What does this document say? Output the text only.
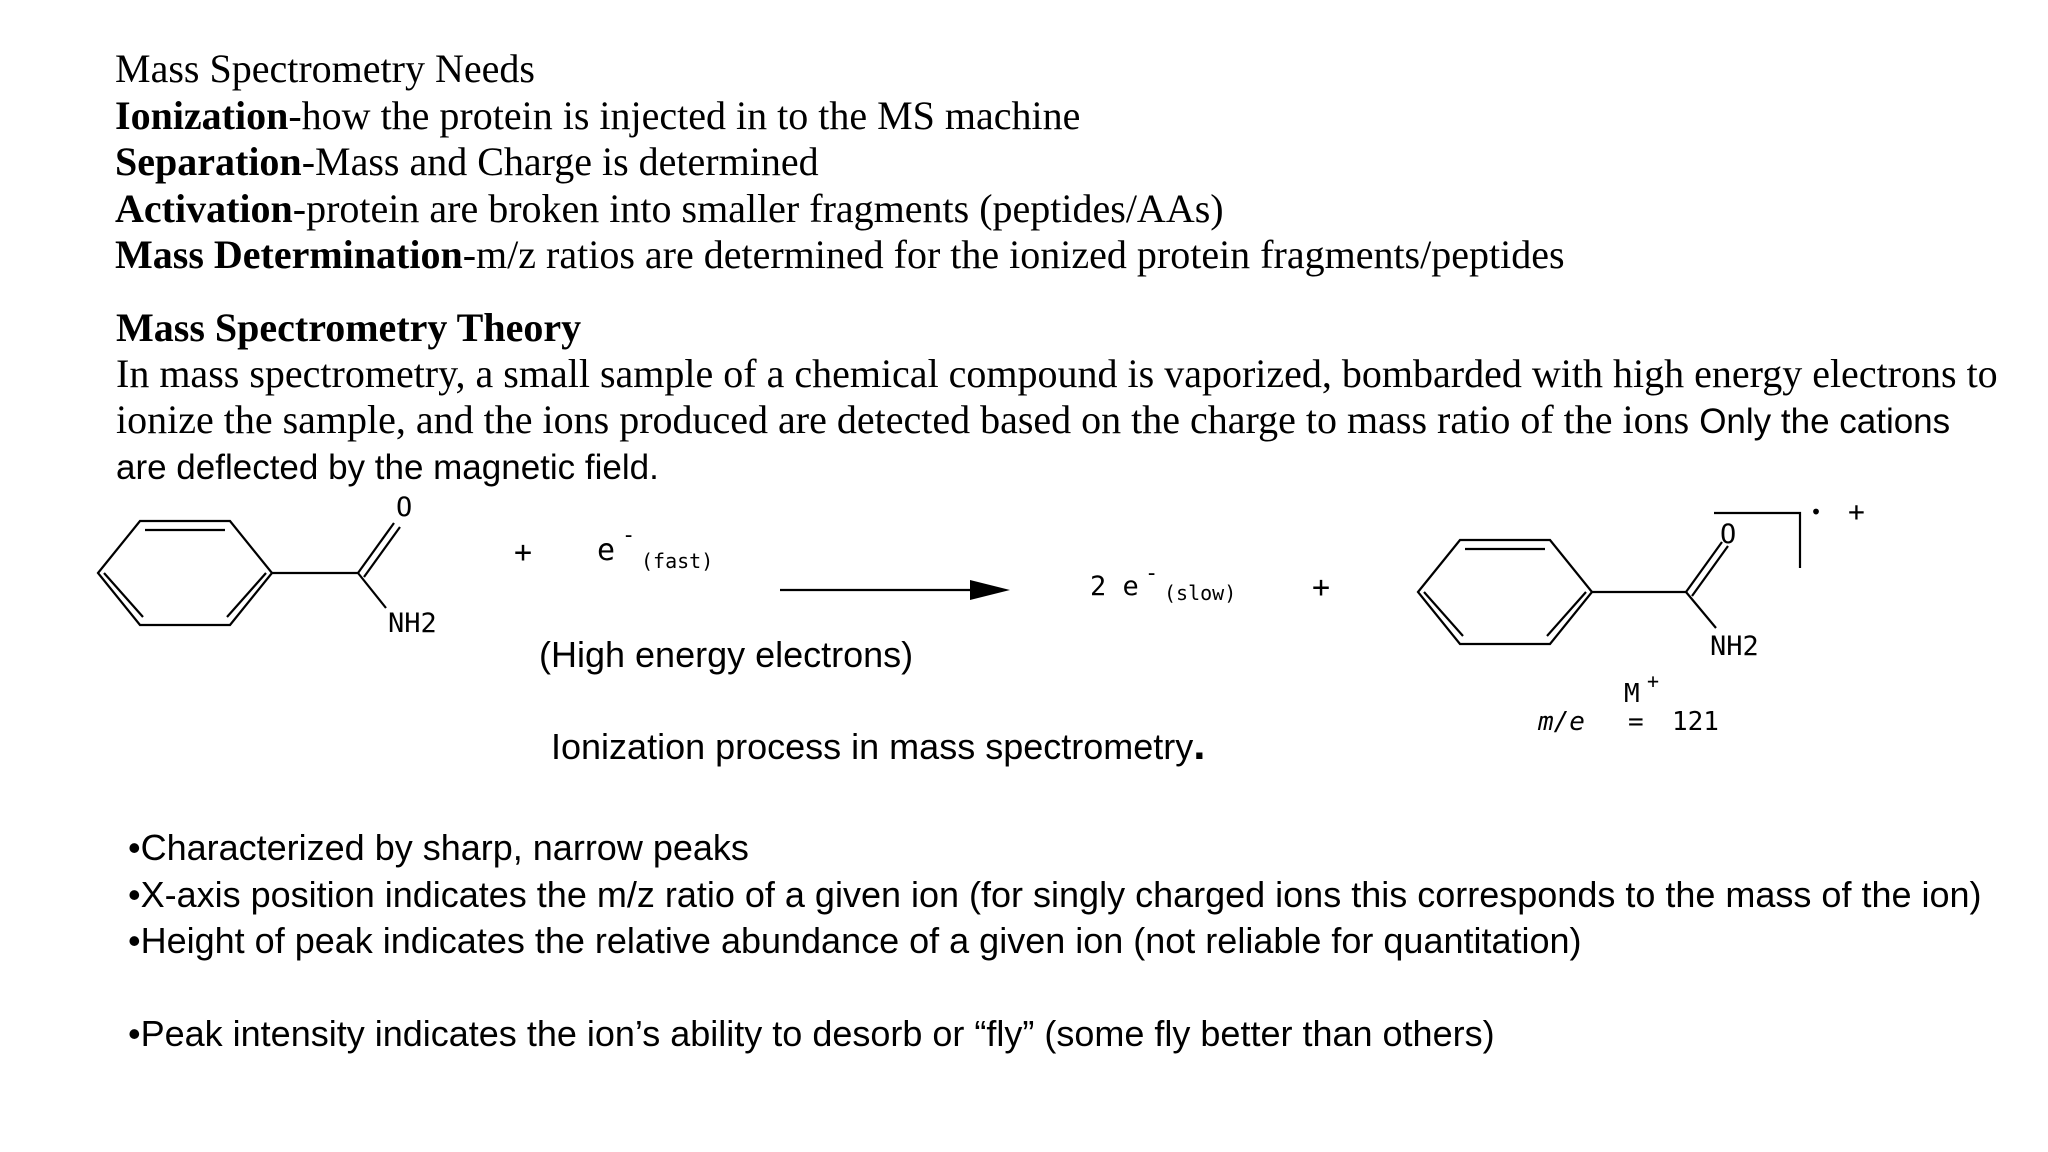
Mass Spectrometry Needs
Ionization-how the protein is injected in to the MS machine
Separation-Mass and Charge is determined
Activation-protein are broken into smaller fragments (peptides/AAs)
Mass Determination-m/z ratios are determined for the ionized protein fragments/peptides
Mass Spectrometry Theory
In mass spectrometry, a small sample of a chemical compound is vaporized, bombarded with high energy electrons to
ionize the sample, and the ions produced are detected based on the charge to mass ratio of the ions Only the cations
are deflected by the magnetic field.
O
NH2
+ e -
(fast)
2 e -
(slow)	+
O
NH2
• +
M +
m/e = 121
(High energy electrons)
Ionization process in mass spectrometry.
•Characterized by sharp, narrow peaks
•X-axis position indicates the m/z ratio of a given ion (for singly charged ions this corresponds to the mass of the ion)
•Height of peak indicates the relative abundance of a given ion (not reliable for quantitation)
•Peak intensity indicates the ion’s ability to desorb or “fly” (some fly better than others)
